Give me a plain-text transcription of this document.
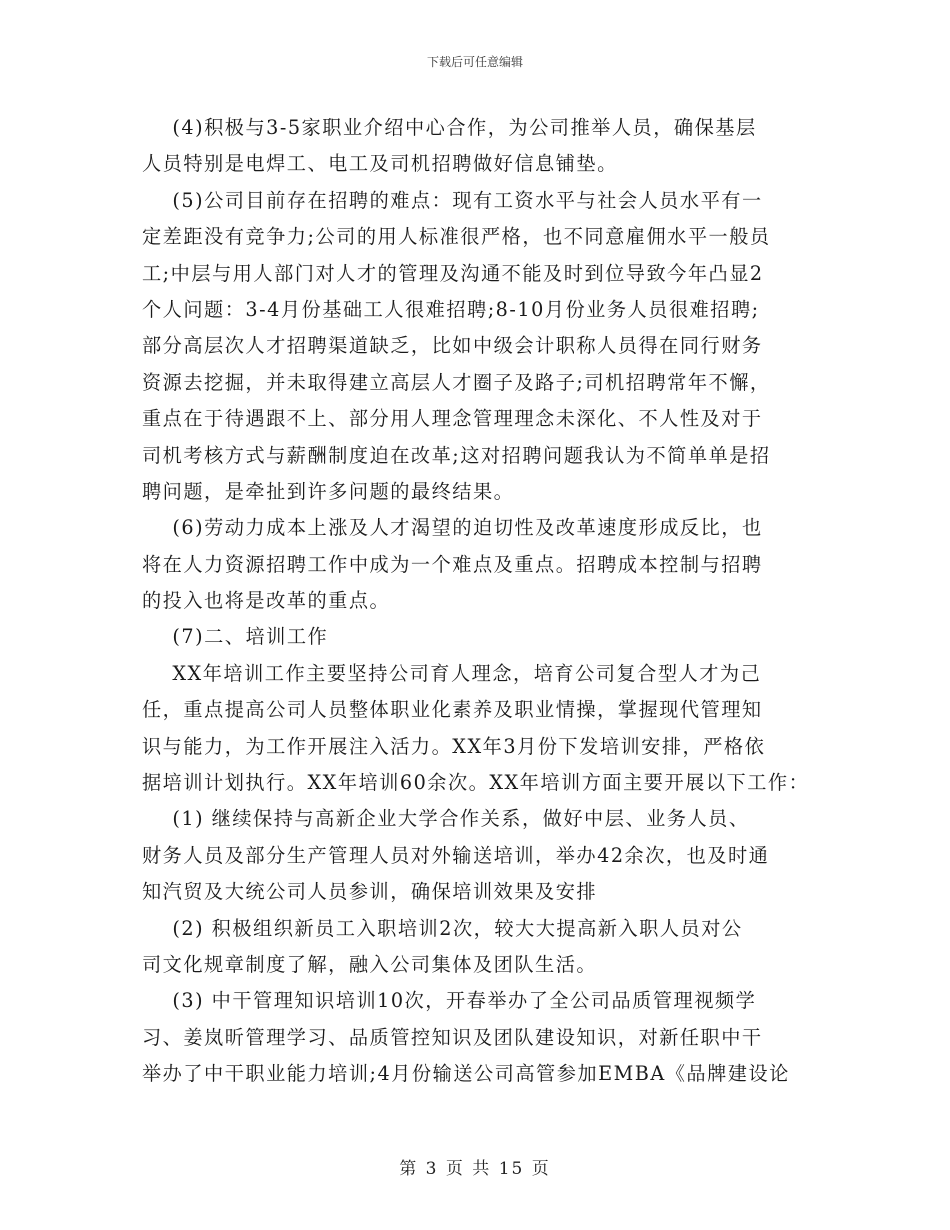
下载后可任意编辑
(4)积极与3-5家职业介绍中心合作，为公司推举人员，确保基层
人员特别是电焊工、电工及司机招聘做好信息铺垫。
(5)公司目前存在招聘的难点：现有工资水平与社会人员水平有一
定差距没有竞争力;公司的用人标准很严格，也不同意雇佣水平一般员
工;中层与用人部门对人才的管理及沟通不能及时到位导致今年凸显2
个人问题：3-4月份基础工人很难招聘;8-10月份业务人员很难招聘;
部分高层次人才招聘渠道缺乏，比如中级会计职称人员得在同行财务
资源去挖掘，并未取得建立高层人才圈子及路子;司机招聘常年不懈，
重点在于待遇跟不上、部分用人理念管理理念未深化、不人性及对于
司机考核方式与薪酬制度迫在改革;这对招聘问题我认为不简单单是招
聘问题，是牵扯到许多问题的最终结果。
(6)劳动力成本上涨及人才渴望的迫切性及改革速度形成反比，也
将在人力资源招聘工作中成为一个难点及重点。招聘成本控制与招聘
的投入也将是改革的重点。
(7)二、培训工作
XX年培训工作主要坚持公司育人理念，培育公司复合型人才为己
任，重点提高公司人员整体职业化素养及职业情操，掌握现代管理知
识与能力，为工作开展注入活力。XX年3月份下发培训安排，严格依
据培训计划执行。XX年培训60余次。XX年培训方面主要开展以下工作：
(1) 继续保持与高新企业大学合作关系，做好中层、业务人员、
财务人员及部分生产管理人员对外输送培训，举办42余次，也及时通
知汽贸及大统公司人员参训，确保培训效果及安排
(2) 积极组织新员工入职培训2次，较大大提高新入职人员对公
司文化规章制度了解，融入公司集体及团队生活。
(3) 中干管理知识培训10次，开春举办了全公司品质管理视频学
习、姜岚昕管理学习、品质管控知识及团队建设知识，对新任职中干
举办了中干职业能力培训;4月份输送公司高管参加EMBA《品牌建设论
第 3 页 共 15 页
